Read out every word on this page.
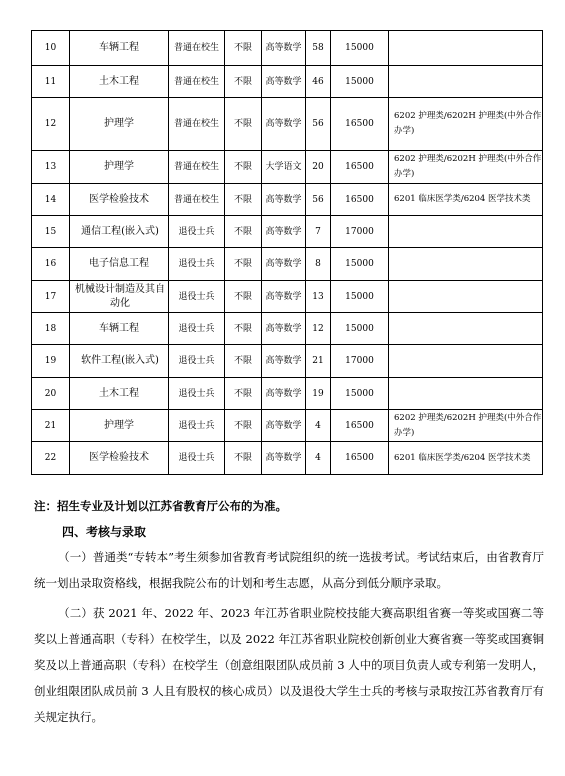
10	车辆工程	普通在校生	不限	高等数学	58	15000	
11	土木工程	普通在校生	不限	高等数学	46	15000	
12	护理学	普通在校生	不限	高等数学	56	16500	6202 护理类/6202H 护理类(中外合作办学)
13	护理学	普通在校生	不限	大学语文	20	16500	6202 护理类/6202H 护理类(中外合作办学)
14	医学检验技术	普通在校生	不限	高等数学	56	16500	6201 临床医学类/6204 医学技术类
15	通信工程(嵌入式)	退役士兵	不限	高等数学	7	17000	
16	电子信息工程	退役士兵	不限	高等数学	8	15000	
17	机械设计制造及其自动化	退役士兵	不限	高等数学	13	15000	
18	车辆工程	退役士兵	不限	高等数学	12	15000	
19	软件工程(嵌入式)	退役士兵	不限	高等数学	21	17000	
20	土木工程	退役士兵	不限	高等数学	19	15000	
21	护理学	退役士兵	不限	高等数学	4	16500	6202 护理类/6202H 护理类(中外合作办学)
22	医学检验技术	退役士兵	不限	高等数学	4	16500	6201 临床医学类/6204 医学技术类
注：招生专业及计划以江苏省教育厅公布的为准。
四、考核与录取

（一）普通类“专转本”考生须参加省教育考试院组织的统一选拔考试。考试结束后，由省教育厅统一划出录取资格线，根据我院公布的计划和考生志愿，从高分到低分顺序录取。

（二）获 2021 年、2022 年、2023 年江苏省职业院校技能大赛高职组省赛一等奖或国赛二等奖以上普通高职（专科）在校学生，以及 2022 年江苏省职业院校创新创业大赛省赛一等奖或国赛铜奖及以上普通高职（专科）在校学生（创意组限团队成员前 3 人中的项目负责人或专利第一发明人，创业组限团队成员前 3 人且有股权的核心成员）以及退役大学生士兵的考核与录取按江苏省教育厅有关规定执行。
